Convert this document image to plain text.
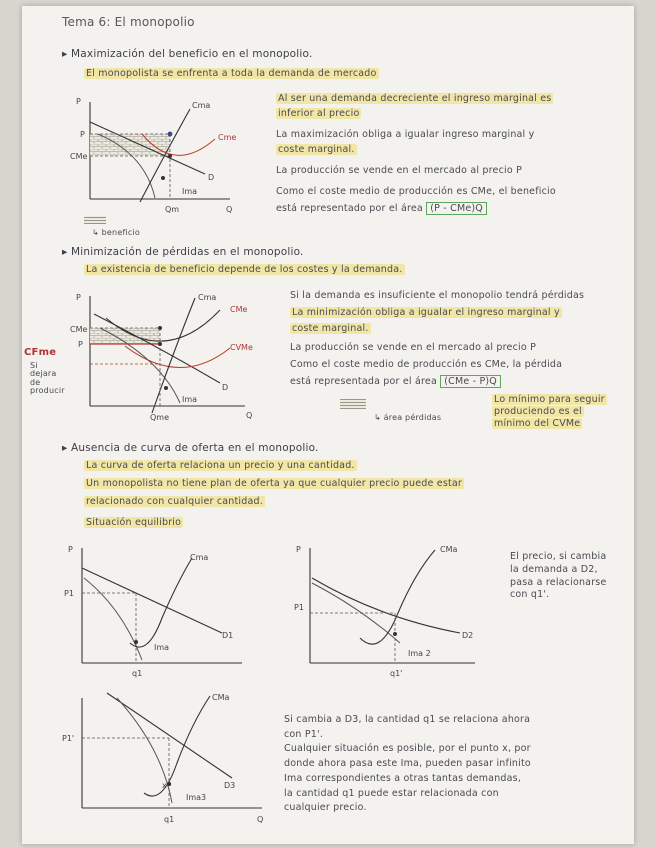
Tema 6: El monopolio
▸ Maximización del beneficio en el monopolio.
El monopolista se enfrenta a toda la demanda de mercado
P
P
CMe
Cma
Cme
D
Ima
Qm	Q
↳ beneficio
Al ser una demanda decreciente el ingreso marginal es
inferior al precio
La maximización obliga a igualar ingreso marginal y
coste marginal.
La producción se vende en el mercado al precio P
Como el coste medio de producción es CMe, el beneficio
está representado por el área (P - CMe)Q
▸ Minimización de pérdidas en el monopolio.
La existencia de beneficio depende de los costes y la demanda.
P
CMe
P
Cma
CMe
CVMe
D
Ima
Qme	Q
CFme
Si
dejara
de
producir
Si la demanda es insuficiente el monopolio tendrá pérdidas
La minimización obliga a igualar el ingreso marginal y
coste marginal.
La producción se vende en el mercado al precio P
Como el coste medio de producción es CMe, la pérdida
está representada por el área (CMe - P)Q
↳ área pérdidas
Lo mínimo para seguir
produciendo es el
mínimo del CVMe
▸ Ausencia de curva de oferta en el monopolio.
La curva de oferta relaciona un precio y una cantidad.
Un monopolista no tiene plan de oferta ya que cualquier precio puede estar
relacionado con cualquier cantidad.
Situación equilibrio
P
P1
Cma
D1
Ima
q1
P
P1
CMa
D2
Ima 2
q1'
El precio, si cambia
la demanda a D2,
pasa a relacionarse
con q1'.
x
P1'
CMa
D3
Ima3
q1	Q
Si cambia a D3, la cantidad q1 se relaciona ahora
con P1'.
Cualquier situación es posible, por el punto x, por
donde ahora pasa este Ima, pueden pasar infinito
Ima correspondientes a otras tantas demandas,
la cantidad q1 puede estar relacionada con
cualquier precio.
